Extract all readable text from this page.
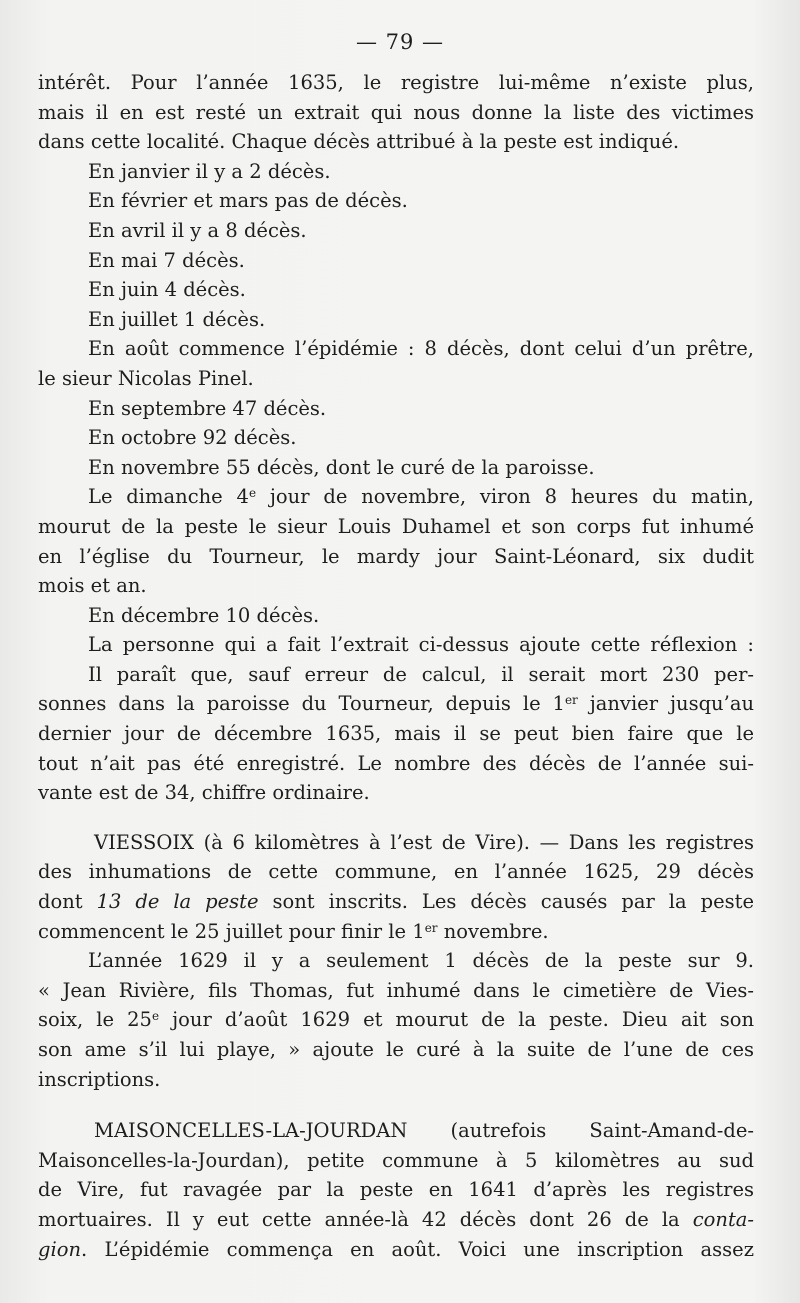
— 79 —
intérêt. Pour l’année 1635, le registre lui-même n’existe plus,
mais il en est resté un extrait qui nous donne la liste des victimes
dans cette localité. Chaque décès attribué à la peste est indiqué.
En janvier il y a 2 décès.
En février et mars pas de décès.
En avril il y a 8 décès.
En mai 7 décès.
En juin 4 décès.
En juillet 1 décès.
En août commence l’épidémie : 8 décès, dont celui d’un prêtre,
le sieur Nicolas Pinel.
En septembre 47 décès.
En octobre 92 décès.
En novembre 55 décès, dont le curé de la paroisse.
Le dimanche 4e jour de novembre, viron 8 heures du matin,
mourut de la peste le sieur Louis Duhamel et son corps fut inhumé
en l’église du Tourneur, le mardy jour Saint-Léonard, six dudit
mois et an.
En décembre 10 décès.
La personne qui a fait l’extrait ci-dessus ajoute cette réflexion :
Il paraît que, sauf erreur de calcul, il serait mort 230 per-
sonnes dans la paroisse du Tourneur, depuis le 1er janvier jusqu’au
dernier jour de décembre 1635, mais il se peut bien faire que le
tout n’ait pas été enregistré. Le nombre des décès de l’année sui-
vante est de 34, chiffre ordinaire.
VIESSOIX (à 6 kilomètres à l’est de Vire). — Dans les registres
des inhumations de cette commune, en l’année 1625, 29 décès
dont 13 de la peste sont inscrits. Les décès causés par la peste
commencent le 25 juillet pour finir le 1er novembre.
L’année 1629 il y a seulement 1 décès de la peste sur 9.
« Jean Rivière, fils Thomas, fut inhumé dans le cimetière de Vies-
soix, le 25e jour d’août 1629 et mourut de la peste. Dieu ait son
son ame s’il lui playe, » ajoute le curé à la suite de l’une de ces
inscriptions.
MAISONCELLES-LA-JOURDAN (autrefois Saint-Amand-de-
Maisoncelles-la-Jourdan), petite commune à 5 kilomètres au sud
de Vire, fut ravagée par la peste en 1641 d’après les registres
mortuaires. Il y eut cette année-là 42 décès dont 26 de la conta-
gion. L’épidémie commença en août. Voici une inscription assez
